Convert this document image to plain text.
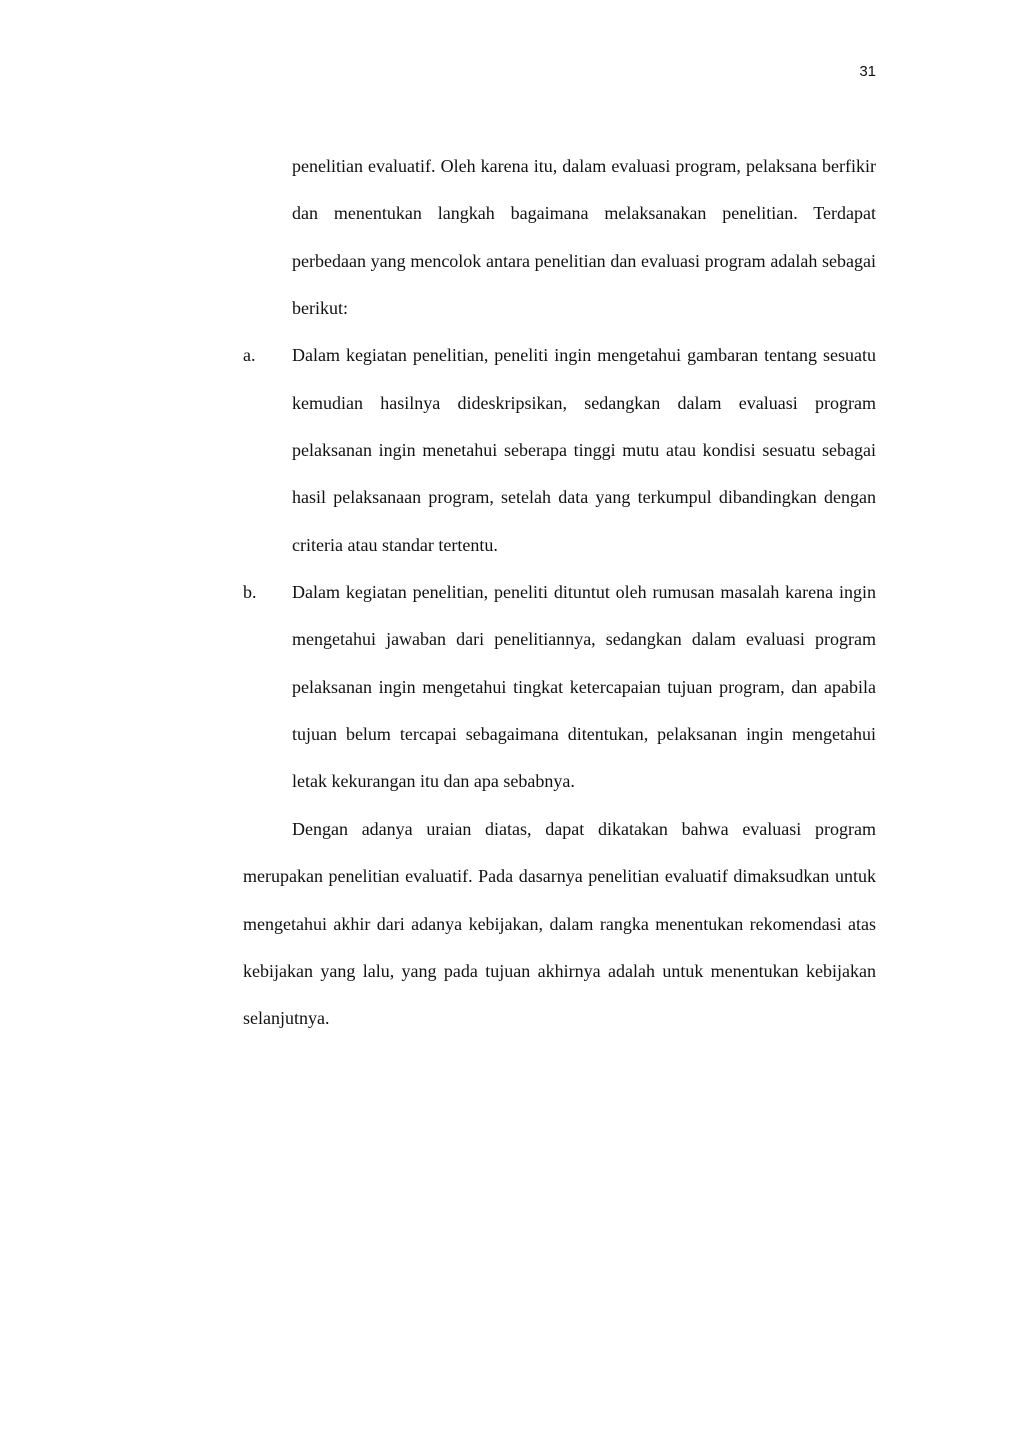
31

penelitian evaluatif. Oleh karena itu, dalam evaluasi program, pelaksana berfikir dan menentukan langkah bagaimana melaksanakan penelitian. Terdapat perbedaan yang mencolok antara penelitian dan evaluasi program adalah sebagai berikut:

a.	Dalam kegiatan penelitian, peneliti ingin mengetahui gambaran tentang sesuatu kemudian hasilnya dideskripsikan, sedangkan dalam evaluasi program pelaksanan ingin menetahui seberapa tinggi mutu atau kondisi sesuatu sebagai hasil pelaksanaan program, setelah data yang terkumpul dibandingkan dengan criteria atau standar tertentu.

b.	Dalam kegiatan penelitian, peneliti dituntut oleh rumusan masalah karena ingin mengetahui jawaban dari penelitiannya, sedangkan dalam evaluasi program pelaksanan ingin mengetahui tingkat ketercapaian tujuan program, dan apabila tujuan belum tercapai sebagaimana ditentukan, pelaksanan ingin mengetahui letak kekurangan itu dan apa sebabnya.

Dengan adanya uraian diatas, dapat dikatakan bahwa evaluasi program merupakan penelitian evaluatif. Pada dasarnya penelitian evaluatif dimaksudkan untuk mengetahui akhir dari adanya kebijakan, dalam rangka menentukan rekomendasi atas kebijakan yang lalu, yang pada tujuan akhirnya adalah untuk menentukan kebijakan selanjutnya.
